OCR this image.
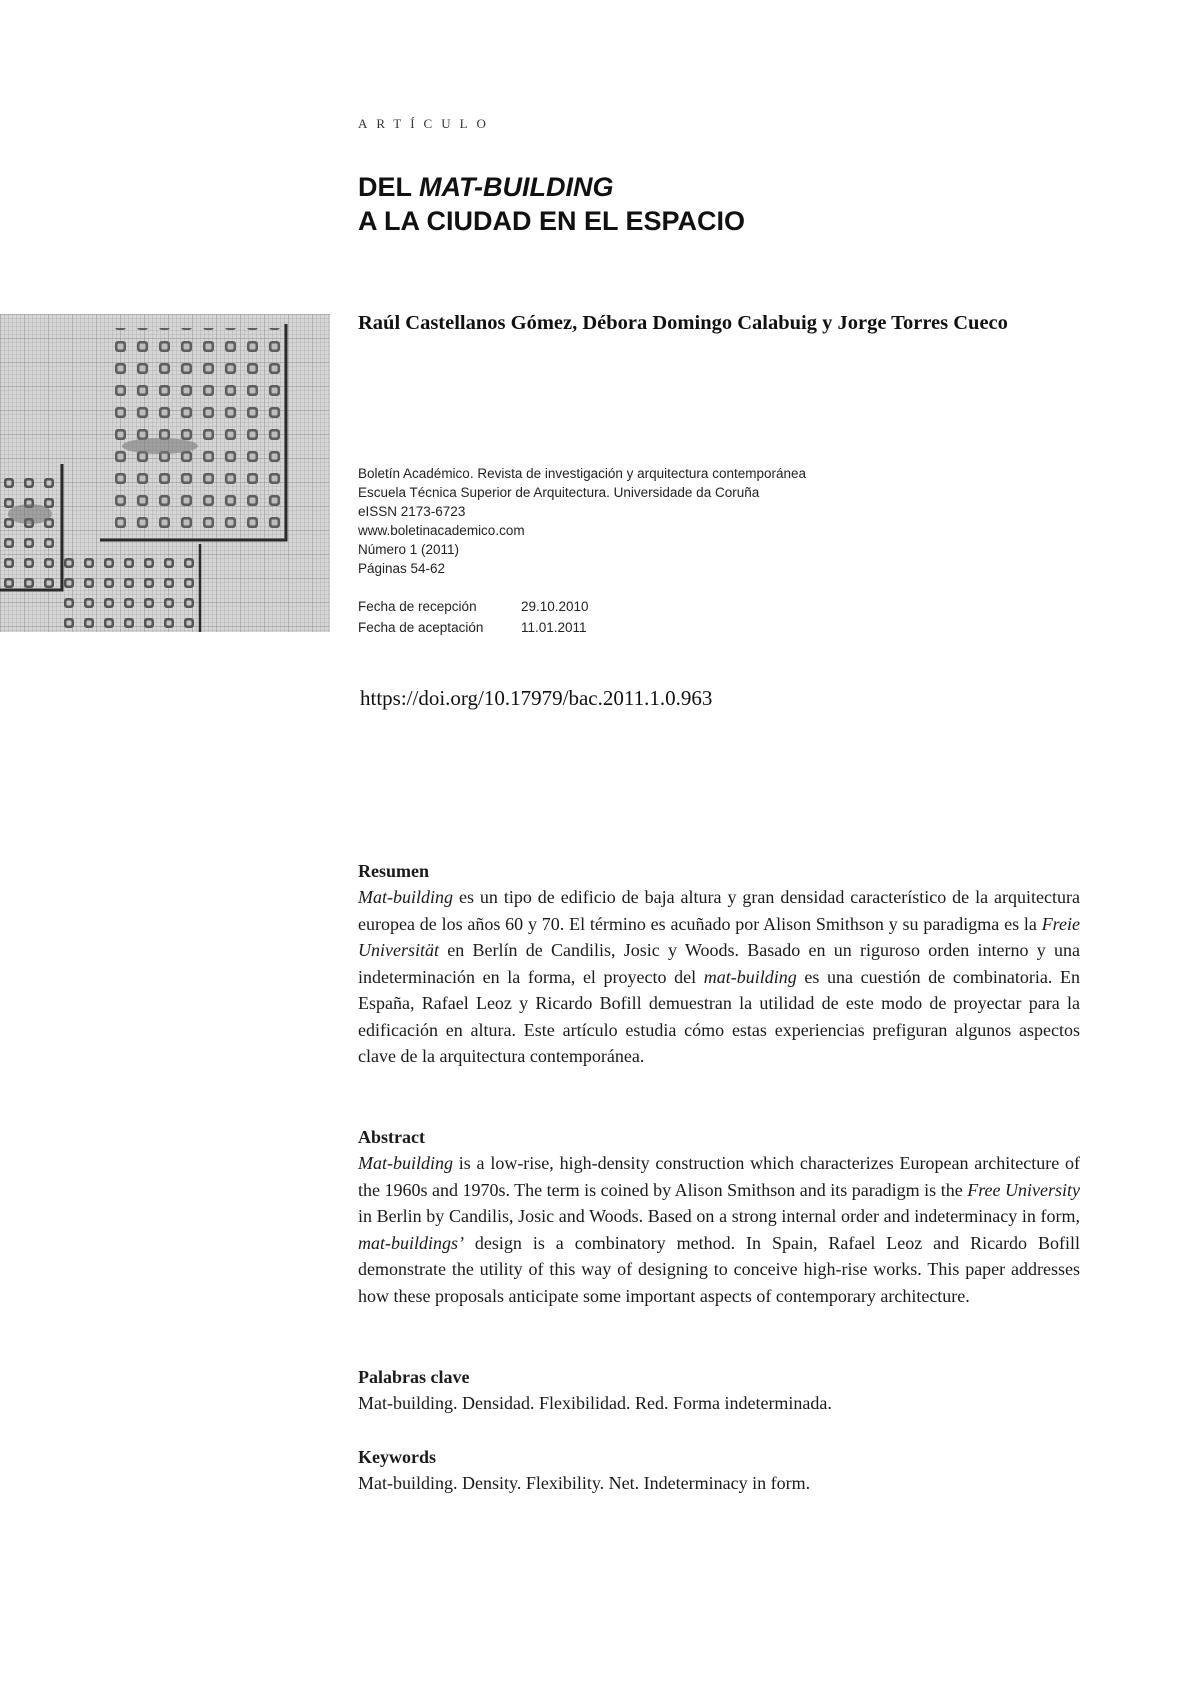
ARTÍCULO
DEL MAT-BUILDING
A LA CIUDAD EN EL ESPACIO
Raúl Castellanos Gómez, Débora Domingo Calabuig y Jorge Torres Cueco
Boletín Académico. Revista de investigación y arquitectura contemporánea
Escuela Técnica Superior de Arquitectura. Universidade da Coruña
eISSN 2173-6723
www.boletinacademico.com
Número 1 (2011)
Páginas 54-62
Fecha de recepción	29.10.2010
Fecha de aceptación	11.01.2011
https://doi.org/10.17979/bac.2011.1.0.963
Resumen

Mat-building es un tipo de edificio de baja altura y gran densidad característico de la arquitectura europea de los años 60 y 70. El término es acuñado por Alison Smithson y su paradigma es la Freie Universität en Berlín de Candilis, Josic y Woods. Basado en un riguroso orden interno y una indeterminación en la forma, el proyecto del mat-building es una cuestión de combinatoria. En España, Rafael Leoz y Ricardo Bofill demuestran la utilidad de este modo de proyectar para la edificación en altura. Este artículo estudia cómo estas experiencias prefiguran algunos aspectos clave de la arquitectura contemporánea.

Abstract

Mat-building is a low-rise, high-density construction which characterizes European architecture of the 1960s and 1970s. The term is coined by Alison Smithson and its paradigm is the Free University in Berlin by Candilis, Josic and Woods. Based on a strong internal order and indeterminacy in form, mat-buildings’ design is a combinatory method. In Spain, Rafael Leoz and Ricardo Bofill demonstrate the utility of this way of designing to conceive high-rise works. This paper addresses how these proposals anticipate some important aspects of contemporary architecture.

Palabras clave

Mat-building. Densidad. Flexibilidad. Red. Forma indeterminada.

Keywords

Mat-building. Density. Flexibility. Net. Indeterminacy in form.
